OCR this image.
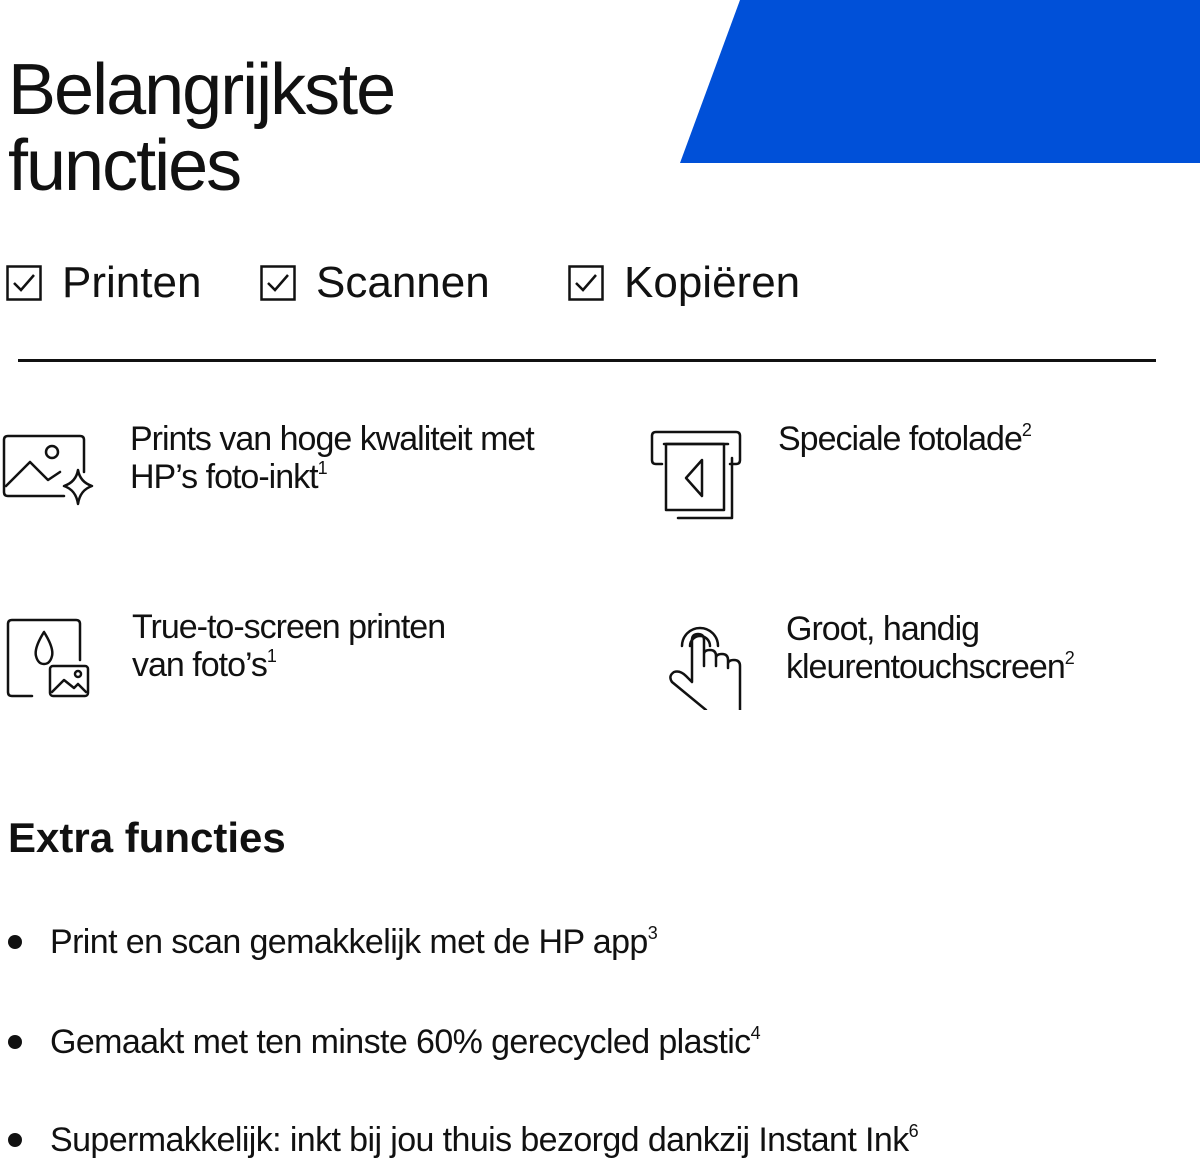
Belangrijkste
functies
Printen	Scannen	Kopiëren
Prints van hoge kwaliteit met
HP’s foto-inkt$^1$
Speciale fotolade$^2$
True-to-screen printen
van $foto’s^1$
Groot, handig
kleurentouchscreen$^2$
Extra functies
Print en scan gemakkelijk met de HP app$^3$
Gemaakt met ten minste 60% gerecycled plastic$^4$
Supermakkelijk: inkt bij jou thuis bezorgd dankzij Instant Ink$^6$
